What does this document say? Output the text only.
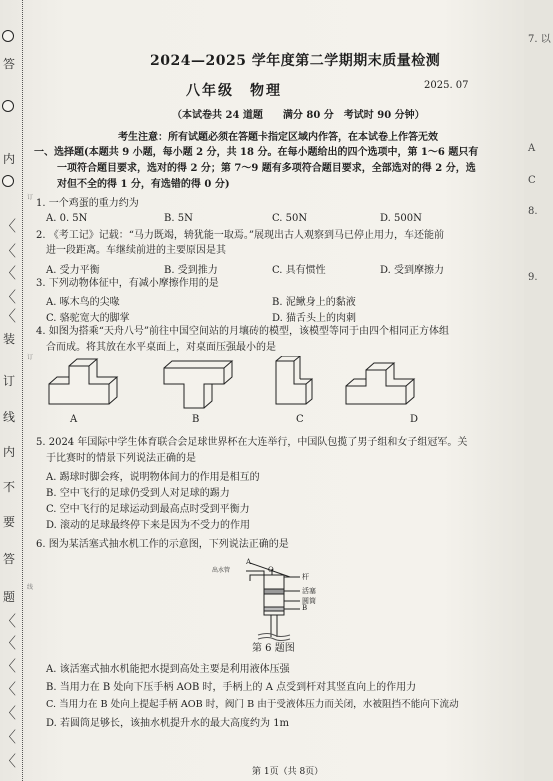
〈
〈
〈
〈
〈
答
内
装
订
线
内
不
要
答
题
〈
〈
〈
〈
〈
〈
〈
订
订
线
7. 以
A
C
8.
9.
2024—2025 学年度第二学期期末质量检测
八年级　物理	2025. 07
（本试卷共 24 道题　　满分 80 分　考试时 90 分钟）
考生注意：所有试题必须在答题卡指定区域内作答，在本试卷上作答无效
一、选择题(本题共 9 小题，每小题 2 分，共 18 分。在每小题给出的四个选项中，第 1～6 题只有
一项符合题目要求，选对的得 2 分；第 7～9 题有多项符合题目要求，全部选对的得 2 分，选
对但不全的得 1 分，有选错的得 0 分)
1. 一个鸡蛋的重力约为
A. 0. 5N	B. 5N	C. 50N	D. 500N
2. 《考工记》记载：“马力既竭，辀犹能一取焉。”展现出古人观察到马已停止用力，车还能前
进一段距离。车继续前进的主要原因是其
A. 受力平衡	B. 受到推力	C. 具有惯性	D. 受到摩擦力
3. 下列动物体征中，有减小摩擦作用的是
A. 啄木鸟的尖喙	B. 泥鳅身上的黏液
C. 骆驼宽大的脚掌	D. 猫舌头上的肉刺
4. 如图为搭乘“天舟八号”前往中国空间站的月壤砖的模型，该模型等同于由四个相同正方体组
合而成。将其放在水平桌面上，对桌面压强最小的是
A	B	C	D
5. 2024 年国际中学生体育联合会足球世界杯在大连举行，中国队包揽了男子组和女子组冠军。关
于比赛时的情景下列说法正确的是
A. 踢球时脚会疼，说明物体间力的作用是相互的
B. 空中飞行的足球仍受到人对足球的踢力
C. 空中飞行的足球运动到最高点时受到平衡力
D. 滚动的足球最终停下来是因为不受力的作用
6. 图为某活塞式抽水机工作的示意图，下列说法正确的是
出水管
杆
活塞
圆筒
B
A
O
第 6 题图
A. 该活塞式抽水机能把水提到高处主要是利用液体压强
B. 当用力在 B 处向下压手柄 AOB 时，手柄上的 A 点受到杆对其竖直向上的作用力
C. 当用力在 B 处向上提起手柄 AOB 时，阀门 B 由于受液体压力而关闭，水被阻挡不能向下流动
D. 若圆筒足够长，该抽水机提升水的最大高度约为 1m
第 1页（共 8页）
